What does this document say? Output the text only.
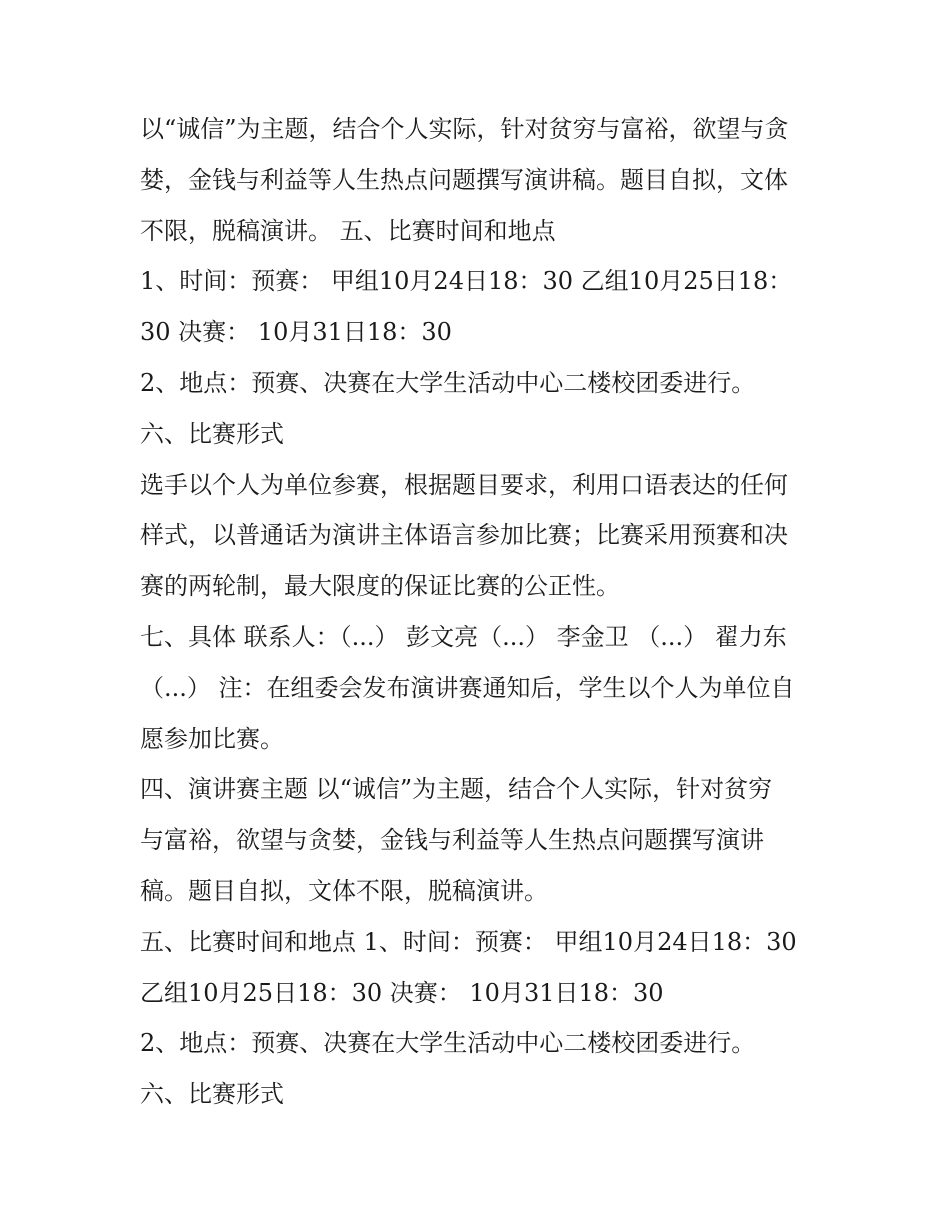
以“诚信”为主题，结合个人实际，针对贫穷与富裕，欲望与贪
婪，金钱与利益等人生热点问题撰写演讲稿。题目自拟，文体
不限，脱稿演讲。 五、比赛时间和地点
1、时间：预赛： 甲组10月24日18：30 乙组10月25日18：
30 决赛： 10月31日18：30
2、地点：预赛、决赛在大学生活动中心二楼校团委进行。
六、比赛形式
选手以个人为单位参赛，根据题目要求，利用口语表达的任何
样式，以普通话为演讲主体语言参加比赛；比赛采用预赛和决
赛的两轮制，最大限度的保证比赛的公正性。
七、具体 联系人：（...） 彭文亮（...） 李金卫 （...） 翟力东
（...） 注：在组委会发布演讲赛通知后，学生以个人为单位自
愿参加比赛。
四、演讲赛主题 以“诚信”为主题，结合个人实际，针对贫穷
与富裕，欲望与贪婪，金钱与利益等人生热点问题撰写演讲
稿。题目自拟，文体不限，脱稿演讲。
五、比赛时间和地点 1、时间：预赛： 甲组10月24日18：30
乙组10月25日18：30 决赛： 10月31日18：30
2、地点：预赛、决赛在大学生活动中心二楼校团委进行。
六、比赛形式
